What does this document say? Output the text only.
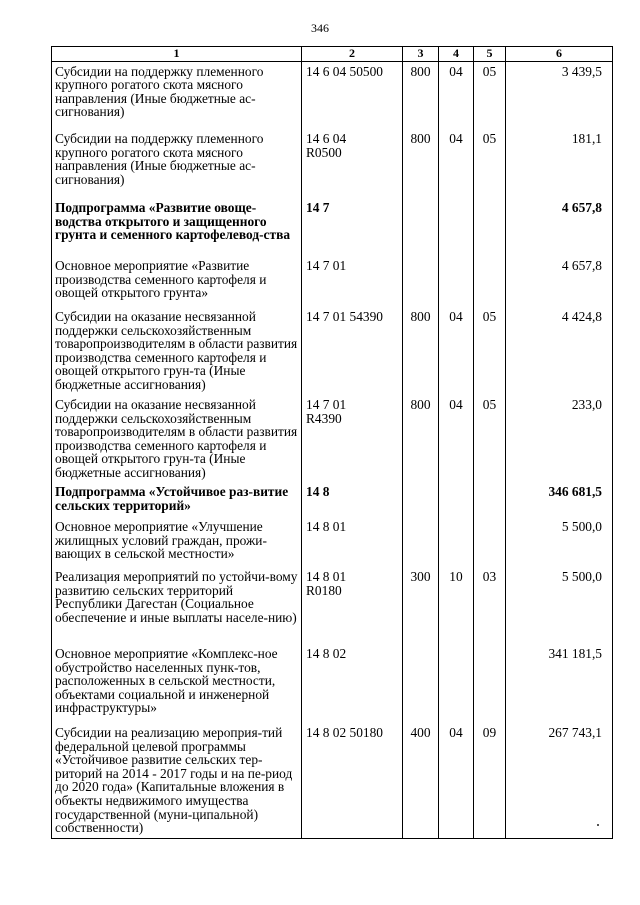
346
1	2	3	4	5	6
Субсидии на поддержку племенного крупного рогатого скота мясного направления (Иные бюджетные ас-сигнования)	14 6 04 50500	800	04	05	3 439,5
Субсидии на поддержку племенного крупного рогатого скота мясного направления (Иные бюджетные ас-сигнования)	14 6 04 R0500	800	04	05	181,1
Подпрограмма «Развитие овоще-водства открытого и защищенного грунта и семенного картофелевод-ства	14 7				4 657,8
Основное мероприятие «Развитие производства семенного картофеля и овощей открытого грунта»	14 7 01				4 657,8
Субсидии на оказание несвязанной поддержки сельскохозяйственным товаропроизводителям в области развития производства семенного картофеля и овощей открытого грун-та (Иные бюджетные ассигнования)	14 7 01 54390	800	04	05	4 424,8
Субсидии на оказание несвязанной поддержки сельскохозяйственным товаропроизводителям в области развития производства семенного картофеля и овощей открытого грун-та (Иные бюджетные ассигнования)	14 7 01 R4390	800	04	05	233,0
Подпрограмма «Устойчивое раз-витие сельских территорий»	14 8				346 681,5
Основное мероприятие «Улучшение жилищных условий граждан, прожи-вающих в сельской местности»	14 8 01				5 500,0
Реализация мероприятий по устойчи-вому развитию сельских территорий Республики Дагестан (Социальное обеспечение и иные выплаты населе-нию)	14 8 01 R0180	300	10	03	5 500,0
Основное мероприятие «Комплекс-ное обустройство населенных пунк-тов, расположенных в сельской местности, объектами социальной и инженерной инфраструктуры»	14 8 02				341 181,5
Субсидии на реализацию мероприя-тий федеральной целевой программы «Устойчивое развитие сельских тер-риторий на 2014 - 2017 годы и на пе-риод до 2020 года» (Капитальные вложения в объекты недвижимого имущества государственной (муни-ципальной) собственности)	14 8 02 50180	400	04	09	267 743,1
